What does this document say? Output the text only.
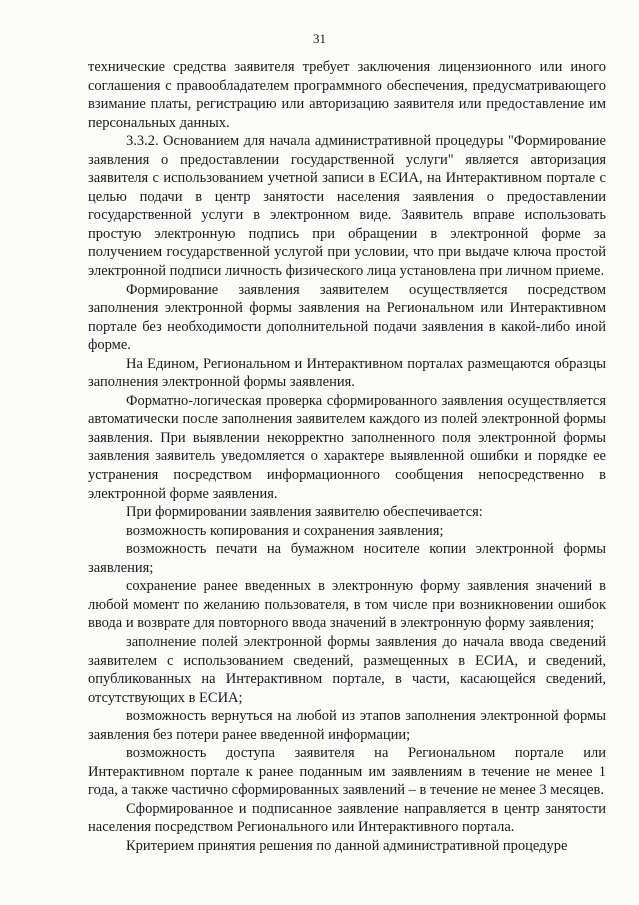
31

технические средства заявителя требует заключения лицензионного или иного соглашения с правообладателем программного обеспечения, предусматривающего взимание платы, регистрацию или авторизацию заявителя или предоставление им персональных данных.

3.3.2. Основанием для начала административной процедуры "Формирование заявления о предоставлении государственной услуги" является авторизация заявителя с использованием учетной записи в ЕСИА, на Интерактивном портале с целью подачи в центр занятости населения заявления о предоставлении государственной услуги в электронном виде. Заявитель вправе использовать простую электронную подпись при обращении в электронной форме за получением государственной услугой при условии, что при выдаче ключа простой электронной подписи личность физического лица установлена при личном приеме.

Формирование заявления заявителем осуществляется посредством заполнения электронной формы заявления на Региональном или Интерактивном портале без необходимости дополнительной подачи заявления в какой-либо иной форме.

На Едином, Региональном и Интерактивном порталах размещаются образцы заполнения электронной формы заявления.

Форматно-логическая проверка сформированного заявления осуществляется автоматически после заполнения заявителем каждого из полей электронной формы заявления. При выявлении некорректно заполненного поля электронной формы заявления заявитель уведомляется о характере выявленной ошибки и порядке ее устранения посредством информационного сообщения непосредственно в электронной форме заявления.

При формировании заявления заявителю обеспечивается:

возможность копирования и сохранения заявления;

возможность печати на бумажном носителе копии электронной формы заявления;

сохранение ранее введенных в электронную форму заявления значений в любой момент по желанию пользователя, в том числе при возникновении ошибок ввода и возврате для повторного ввода значений в электронную форму заявления;

заполнение полей электронной формы заявления до начала ввода сведений заявителем с использованием сведений, размещенных в ЕСИА, и сведений, опубликованных на Интерактивном портале, в части, касающейся сведений, отсутствующих в ЕСИА;

возможность вернуться на любой из этапов заполнения электронной формы заявления без потери ранее введенной информации;

возможность доступа заявителя на Региональном портале или Интерактивном портале к ранее поданным им заявлениям в течение не менее 1 года, а также частично сформированных заявлений – в течение не менее 3 месяцев.

Сформированное и подписанное заявление направляется в центр занятости населения посредством Регионального или Интерактивного портала.

Критерием принятия решения по данной административной процедуре
